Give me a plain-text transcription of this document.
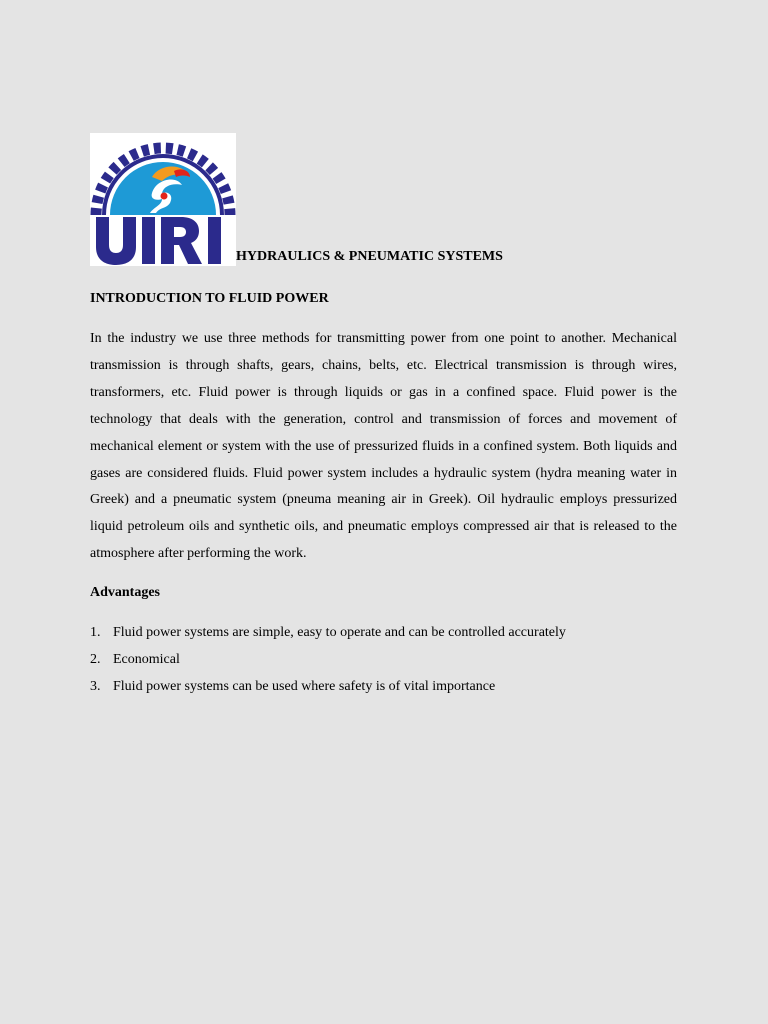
HYDRAULICS & PNEUMATIC SYSTEMS
INTRODUCTION TO FLUID POWER

In the industry we use three methods for transmitting power from one point to another. Mechanical transmission is through shafts, gears, chains, belts, etc. Electrical transmission is through wires, transformers, etc. Fluid power is through liquids or gas in a confined space. Fluid power is the technology that deals with the generation, control and transmission of forces and movement of mechanical element or system with the use of pressurized fluids in a confined system. Both liquids and gases are considered fluids. Fluid power system includes a hydraulic system (hydra meaning water in Greek) and a pneumatic system (pneuma meaning air in Greek). Oil hydraulic employs pressurized liquid petroleum oils and synthetic oils, and pneumatic employs compressed air that is released to the atmosphere after performing the work.

Advantages
1. Fluid power systems are simple, easy to operate and can be controlled accurately
2. Economical
3. Fluid power systems can be used where safety is of vital importance
